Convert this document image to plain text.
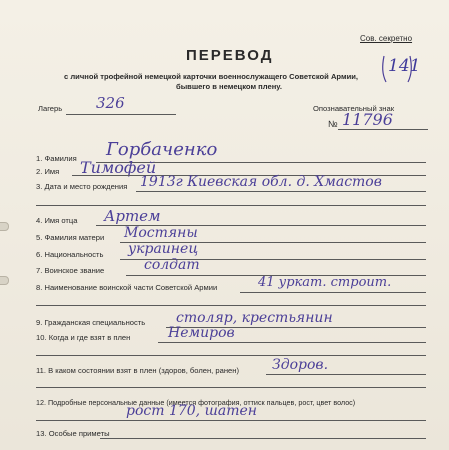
Сов. секретно
ПЕРЕВОД
с личной трофейной немецкой карточки военнослужащего Советской Армии,
бывшего в немецком плену.
141
Лагерь 326	Опознавательный знак
№ 11796
1. Фамилия Горбаченко
2. Имя Тимофей
3. Дата и место рождения 1913г Киевская обл. д. Хмастов
4. Имя отца Артем
5. Фамилия матери Мостяны
6. Национальность украинец
7. Воинское звание	солдат
8. Наименование воинской части Советской Армии	41 уркат. строит.
9. Гражданская специальность столяр, крестьянин
10. Когда и где взят в плен	Немиров
11. В каком состоянии взят в плен (здоров, болен, ранен) Здоров.
12. Подробные персональные данные (имеется фотография, оттиск пальцев, рост, цвет волос)
рост 170, шатен
13. Особые приметы
